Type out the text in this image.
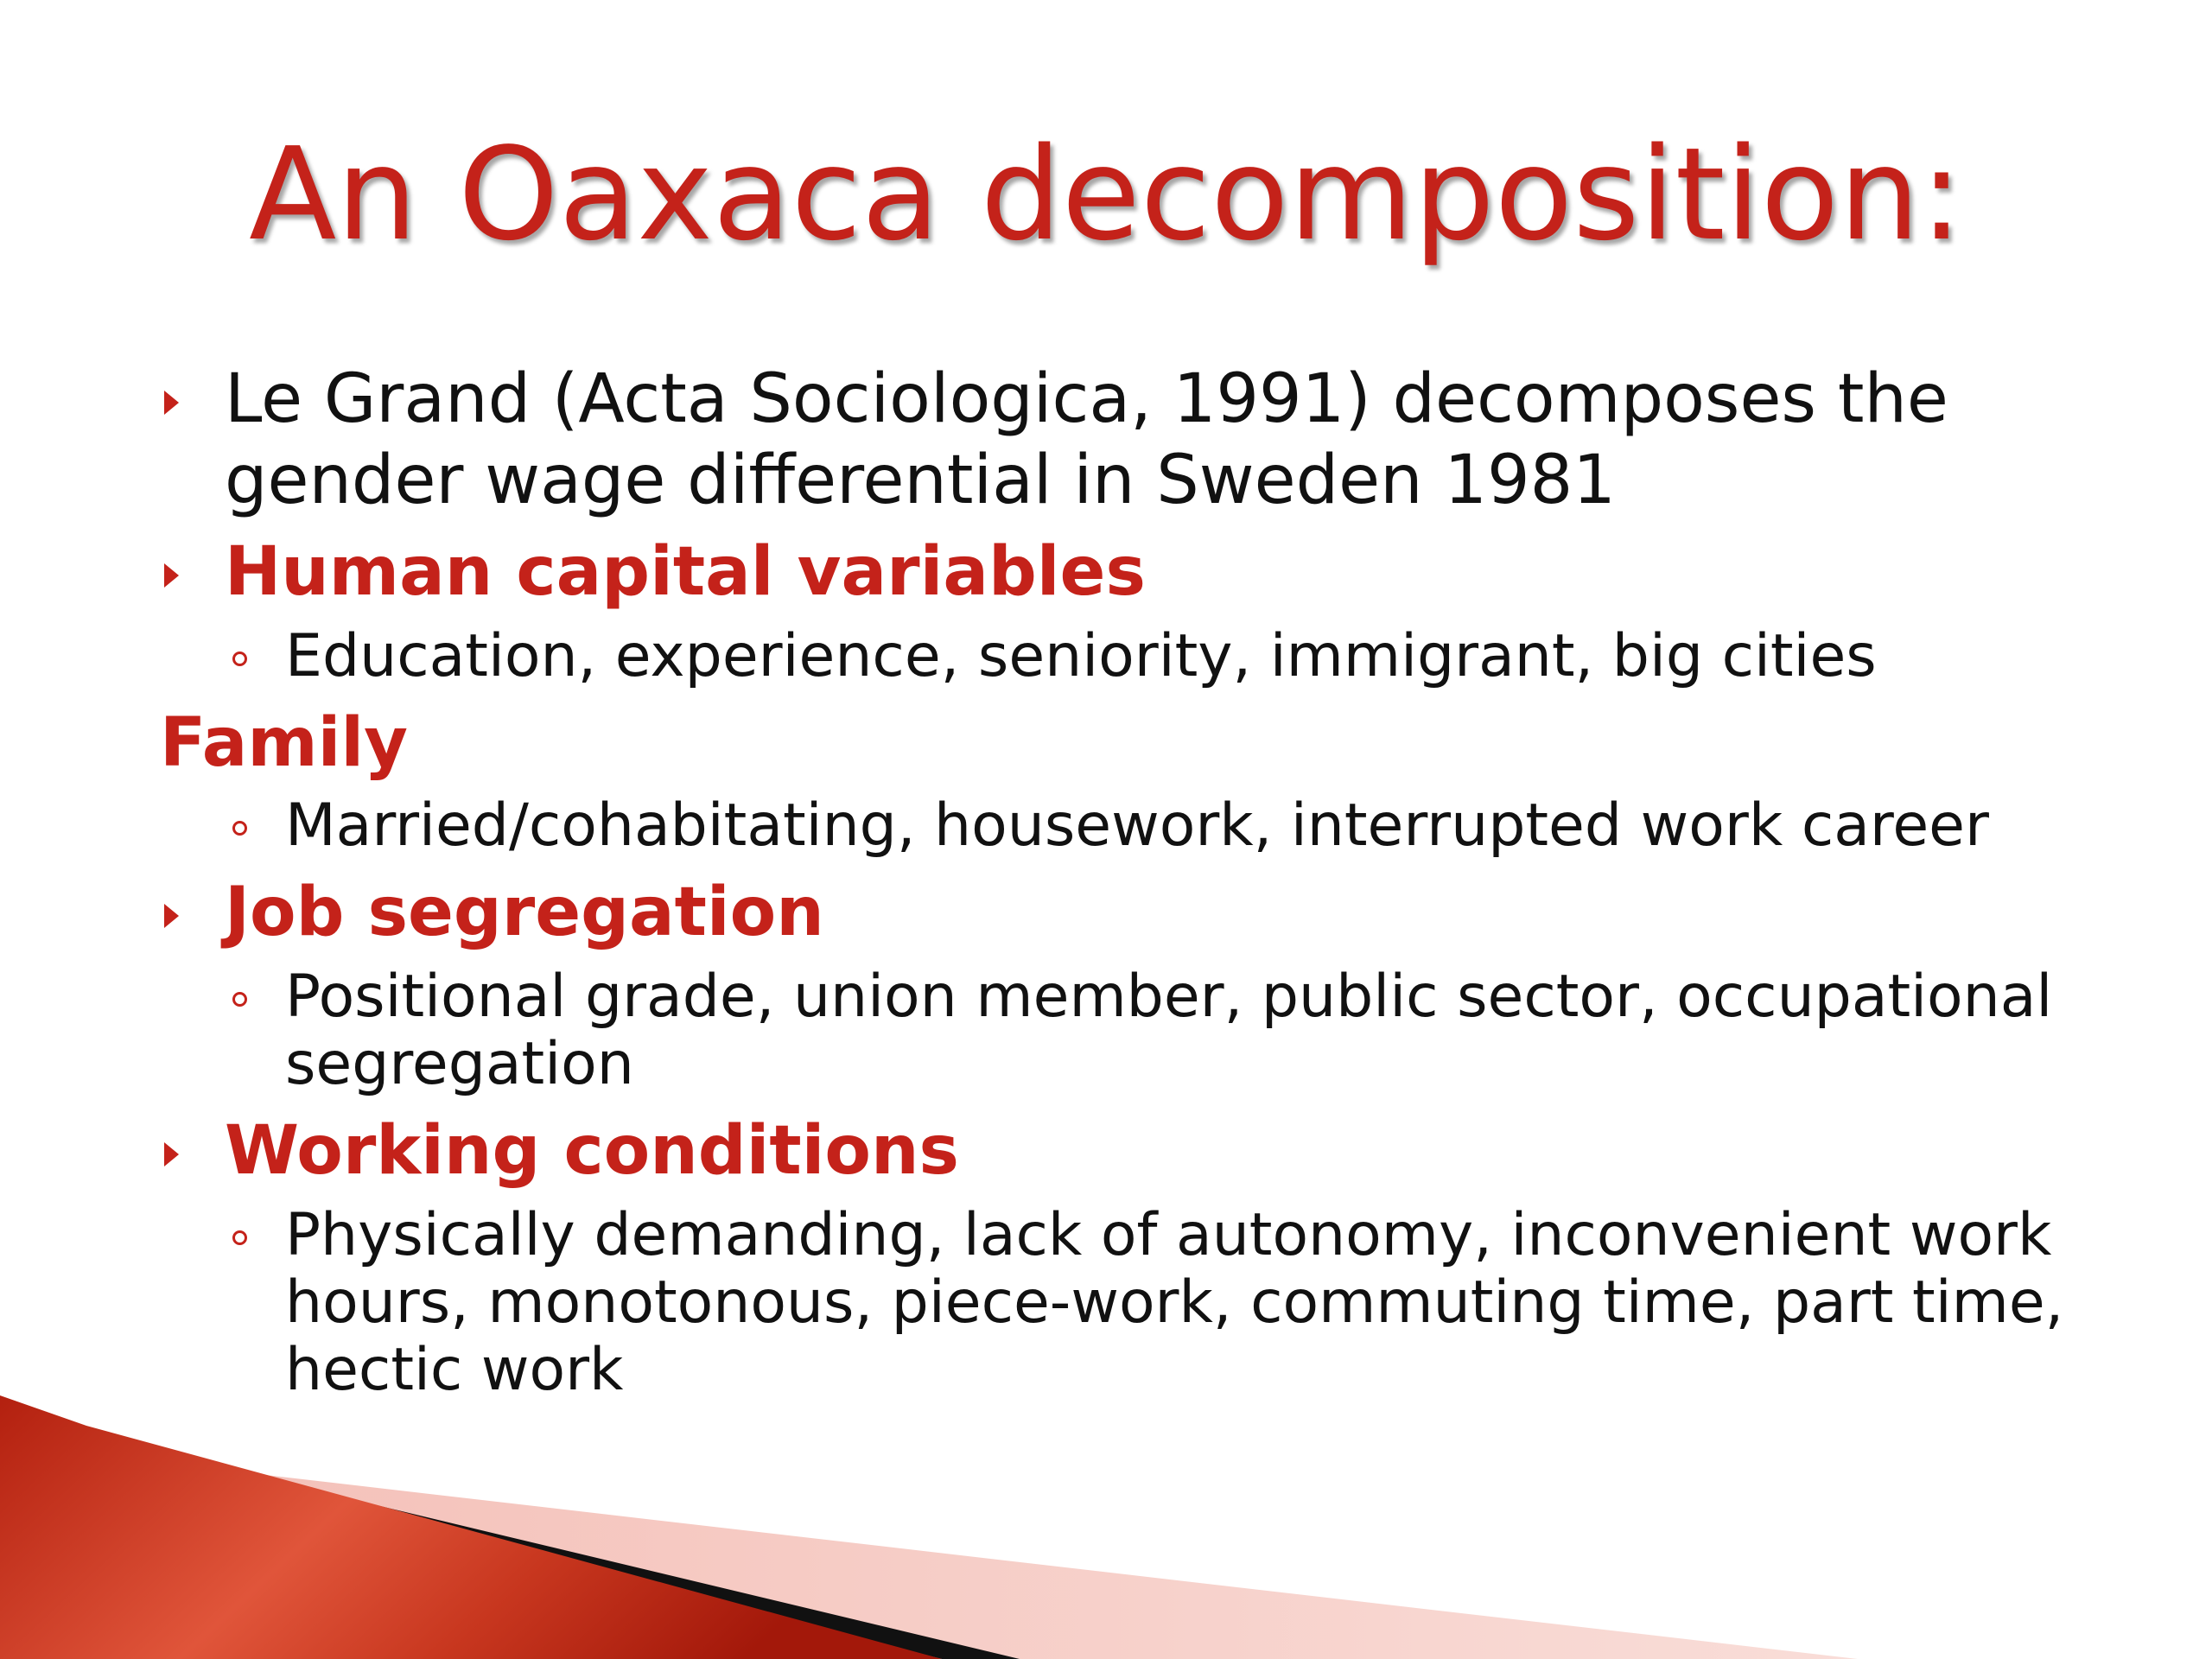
An Oaxaca decomposition:
Le Grand (Acta Sociologica, 1991) decomposes the gender wage differential in Sweden 1981
Human capital variables
Education, experience, seniority, immigrant, big cities
Family
Married/cohabitating, housework, interrupted work career
Job segregation
Positional grade, union member, public sector, occupational segregation
Working conditions
Physically demanding, lack of autonomy, inconvenient work hours, monotonous, piece-work, commuting time, part time, hectic work
